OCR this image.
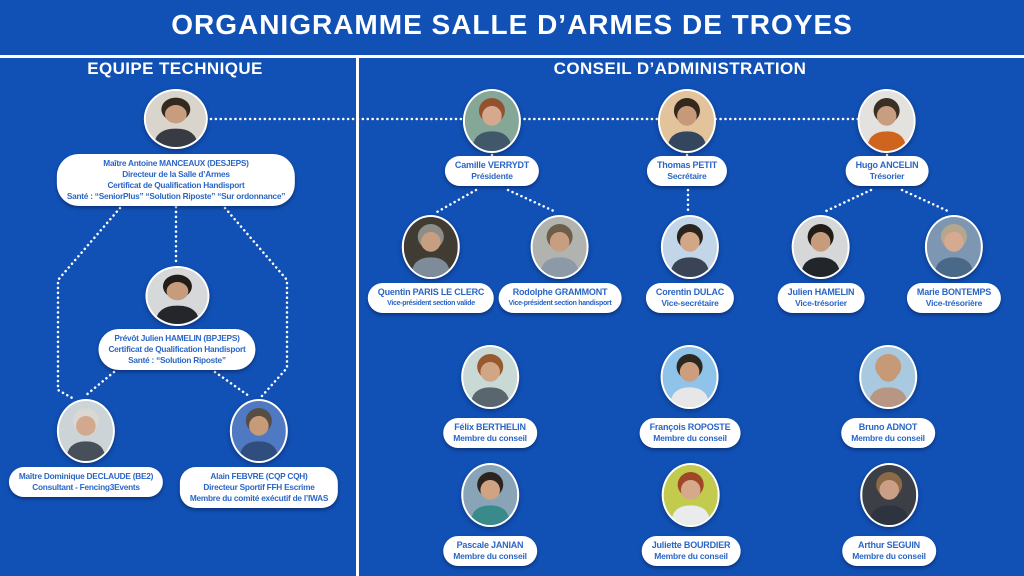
ORGANIGRAMME SALLE D’ARMES DE TROYES
EQUIPE TECHNIQUE	CONSEIL D’ADMINISTRATION
Maître Antoine MANCEAUX (DESJEPS)
Directeur de la Salle d’Armes
Certificat de Qualification Handisport
Santé : “SeniorPlus” “Solution Riposte” “Sur ordonnance”
Prévôt Julien HAMELIN (BPJEPS)
Certificat de Qualification Handisport
Santé : “Solution Riposte”
Maître Dominique DECLAUDE (BE2)
Consultant - Fencing3Events
Alain FEBVRE (CQP CQH)
Directeur Sportif FFH Escrime
Membre du comité exécutif de l’IWAS
Camille VERRYDT
Présidente
Thomas PETIT
Secrétaire
Hugo ANCELIN
Trésorier
Quentin PARIS LE CLERC
Vice-président section valide
Rodolphe GRAMMONT
Vice-président section handisport
Corentin DULAC
Vice-secrétaire
Julien HAMELIN
Vice-trésorier
Marie BONTEMPS
Vice-trésorière
Félix BERTHELIN
Membre du conseil
François ROPOSTE
Membre du conseil
Bruno ADNOT
Membre du conseil
Pascale JANIAN
Membre du conseil
Juliette BOURDIER
Membre du conseil
Arthur SEGUIN
Membre du conseil
